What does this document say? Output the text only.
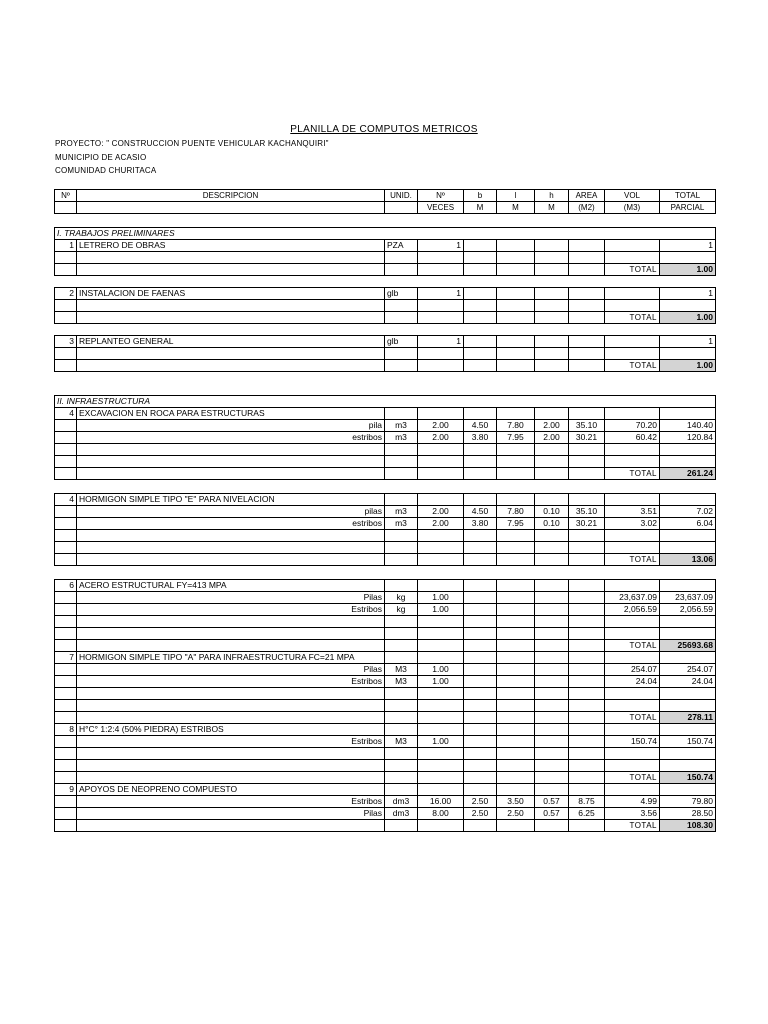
PLANILLA DE COMPUTOS METRICOS
PROYECTO: " CONSTRUCCION PUENTE VEHICULAR KACHANQUIRI"
MUNICIPIO DE ACASIO
COMUNIDAD CHURITACA
Nº	DESCRIPCION	UNID.	Nº	b	l	h	AREA	VOL	TOTAL
			VECES	M	M	M	(M2)	(M3)	PARCIAL

I. TRABAJOS PRELIMINARES									
1	LETRERO DE OBRAS	PZA	1						1

								TOTAL	1.00

2	INSTALACION DE FAENAS	glb	1						1

								TOTAL	1.00

3	REPLANTEO GENERAL	glb	1						1

								TOTAL	1.00

II. INFRAESTRUCTURA									
4	EXCAVACION EN ROCA PARA ESTRUCTURAS								
	pila	m3	2.00	4.50	7.80	2.00	35.10	70.20	140.40
	estribos	m3	2.00	3.80	7.95	2.00	30.21	60.42	120.84

								TOTAL	261.24

4	HORMIGON SIMPLE TIPO "E" PARA NIVELACION								
	pilas	m3	2.00	4.50	7.80	0.10	35.10	3.51	7.02
	estribos	m3	2.00	3.80	7.95	0.10	30.21	3.02	6.04

								TOTAL	13.06

6	ACERO ESTRUCTURAL FY=413 MPA								
	Pilas	kg	1.00					23,637.09	23,637.09
	Estribos	kg	1.00					2,056.59	2,056.59

								TOTAL	25693.68
7	HORMIGON SIMPLE TIPO "A" PARA INFRAESTRUCTURA FC=21 MPA								
	Pilas	M3	1.00					254.07	254.07
	Estribos	M3	1.00					24.04	24.04

								TOTAL	278.11
8	H°C° 1:2:4 (50% PIEDRA) ESTRIBOS								
	Estribos	M3	1.00					150.74	150.74

								TOTAL	150.74
9	APOYOS DE NEOPRENO COMPUESTO								
	Estribos	dm3	16.00	2.50	3.50	0.57	8.75	4.99	79.80
	Pilas	dm3	8.00	2.50	2.50	0.57	6.25	3.56	28.50
								TOTAL	108.30
